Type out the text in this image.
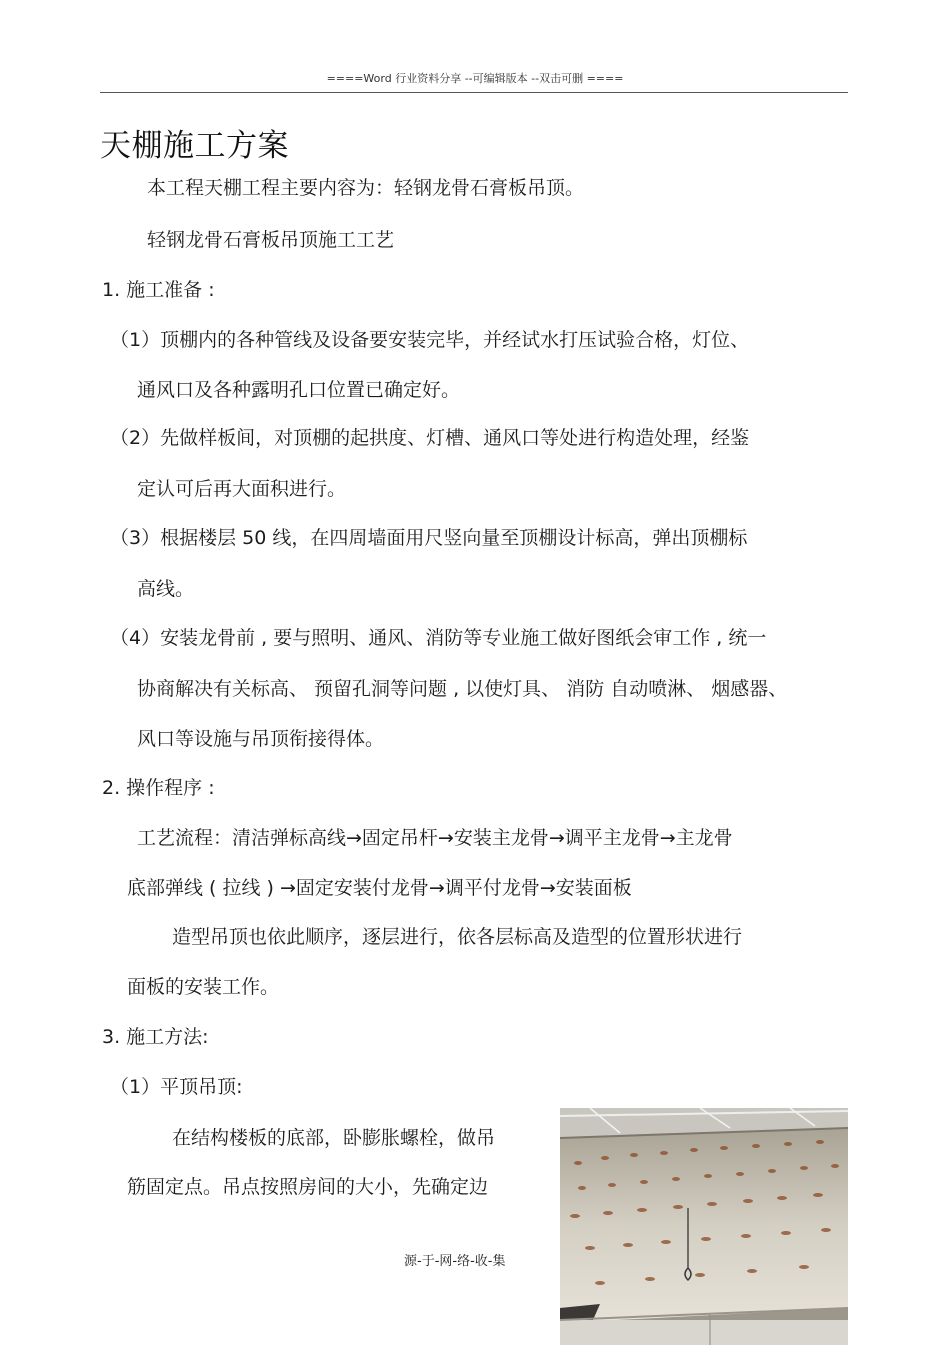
====Word 行业资料分享 --可编辑版本 --双击可删 ====
天棚施工方案
本工程天棚工程主要内容为：轻钢龙骨石膏板吊顶。
轻钢龙骨石膏板吊顶施工工艺
1. 施工准备 :
（1）顶棚内的各种管线及设备要安装完毕，并经试水打压试验合格，灯位、
通风口及各种露明孔口位置已确定好。
（2）先做样板间，对顶棚的起拱度、灯槽、通风口等处进行构造处理，经鉴
定认可后再大面积进行。
（3）根据楼层 50 线，在四周墙面用尺竖向量至顶棚设计标高，弹出顶棚标
高线。
（4）安装龙骨前 , 要与照明、通风、消防等专业施工做好图纸会审工作 , 统一
协商解决有关标高、 预留孔洞等问题 , 以使灯具、 消防 自动喷淋、 烟感器、
风口等设施与吊顶衔接得体。
2. 操作程序 :
工艺流程：清洁弹标高线→固定吊杆→安装主龙骨→调平主龙骨→主龙骨
底部弹线 ( 拉线 ) →固定安装付龙骨→调平付龙骨→安装面板
造型吊顶也依此顺序，逐层进行，依各层标高及造型的位置形状进行
面板的安装工作。
3. 施工方法:
（1）平顶吊顶:
在结构楼板的底部，卧膨胀螺栓，做吊
筋固定点。吊点按照房间的大小，先确定边
源-于-网-络-收-集
